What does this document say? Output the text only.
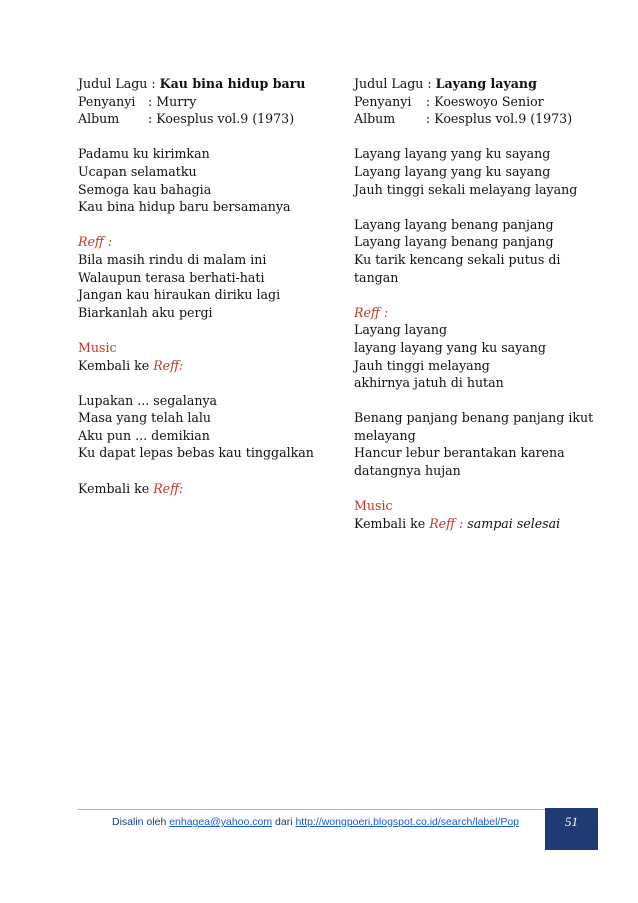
Judul Lagu : Kau bina hidup baru
Penyanyi	: Murry
Album	: Koesplus vol.9 (1973)
Padamu ku kirimkan
Ucapan selamatku
Semoga kau bahagia
Kau bina hidup baru bersamanya
Reff :
Bila masih rindu di malam ini
Walaupun terasa berhati-hati
Jangan kau hiraukan diriku lagi
Biarkanlah aku pergi
Music
Kembali ke Reff:
Lupakan ... segalanya
Masa yang telah lalu
Aku pun ... demikian
Ku dapat lepas bebas kau tinggalkan
Kembali ke Reff:
Judul Lagu : Layang layang
Penyanyi	: Koeswoyo Senior
Album	: Koesplus vol.9 (1973)
Layang layang yang ku sayang
Layang layang yang ku sayang
Jauh tinggi sekali melayang layang
Layang layang benang panjang
Layang layang benang panjang
Ku tarik kencang sekali putus di tangan
Reff :
Layang layang
layang layang yang ku sayang
Jauh tinggi melayang
akhirnya jatuh di hutan
Benang panjang benang panjang ikut melayang
Hancur lebur berantakan karena datangnya hujan
Music
Kembali ke Reff : sampai selesai
Disalin oleh enhagea@yahoo.com dari http://wongpoeri.blogspot.co.id/search/label/Pop	51
